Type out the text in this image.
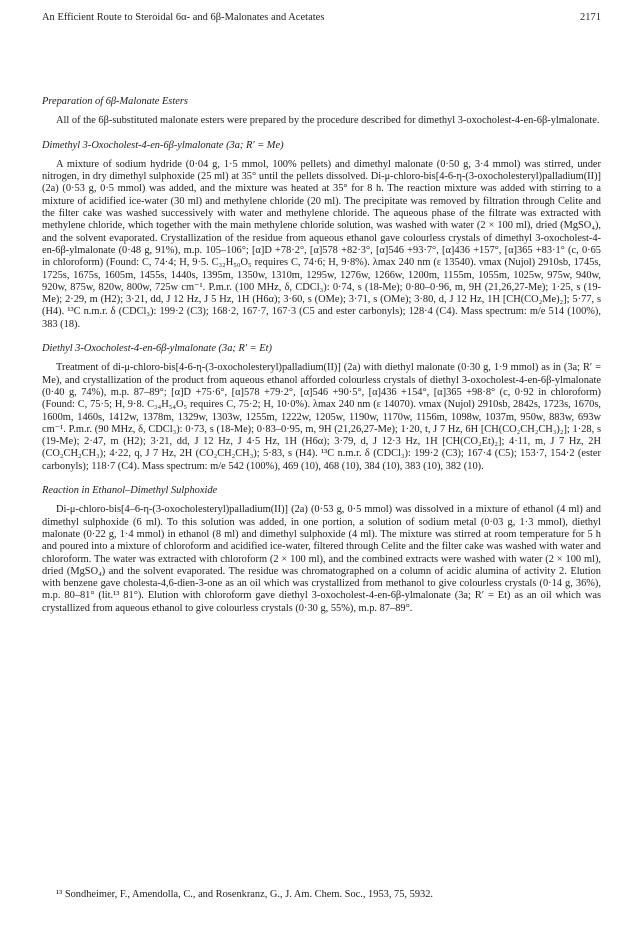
An Efficient Route to Steroidal 6α- and 6β-Malonates and Acetates	2171
Preparation of 6β-Malonate Esters

All of the 6β-substituted malonate esters were prepared by the procedure described for dimethyl 3-oxocholest-4-en-6β-ylmalonate.

Dimethyl 3-Oxocholest-4-en-6β-ylmalonate (3a; R′ = Me)

A mixture of sodium hydride (0·04 g, 1·5 mmol, 100% pellets) and dimethyl malonate (0·50 g, 3·4 mmol) was stirred, under nitrogen, in dry dimethyl sulphoxide (25 ml) at 35° until the pellets dissolved. Di-μ-chloro-bis[4-6-η-(3-oxocholesteryl)palladium(II)] (2a) (0·53 g, 0·5 mmol) was added, and the mixture was heated at 35° for 8 h. The reaction mixture was added with stirring to a mixture of acidified ice-water (30 ml) and methylene chloride (20 ml). The precipitate was removed by filtration through Celite and the filter cake was washed successively with water and methylene chloride. The aqueous phase of the filtrate was extracted with methylene chloride, which together with the main methylene chloride solution, was washed with water (2 × 100 ml), dried (MgSO₄), and the solvent evaporated. Crystallization of the residue from aqueous ethanol gave colourless crystals of dimethyl 3-oxocholest-4-en-6β-ylmalonate (0·48 g, 91%), m.p. 105–106°; [α]D +78·2°, [α]578 +82·3°, [α]546 +93·7°, [α]436 +157°, [α]365 +83·1° (c, 0·65 in chloroform) (Found: C, 74·4; H, 9·5. C₃₂H₅₀O₅ requires C, 74·6; H, 9·8%). λmax 240 nm (ε 13540). νmax (Nujol) 2910sb, 1745s, 1725s, 1675s, 1605m, 1455s, 1440s, 1395m, 1350w, 1310m, 1295w, 1276w, 1266w, 1200m, 1155m, 1055m, 1025w, 975w, 940w, 920w, 875w, 820w, 800w, 725w cm⁻¹. P.m.r. (100 MHz, δ, CDCl₃): 0·74, s (18-Me); 0·80–0·96, m, 9H (21,26,27-Me); 1·25, s (19-Me); 2·29, m (H2); 3·21, dd, J 12 Hz, J 5 Hz, 1H (H6α); 3·60, s (OMe); 3·71, s (OMe); 3·80, d, J 12 Hz, 1H [CH(CO₂Me)₂]; 5·77, s (H4). ¹³C n.m.r. δ (CDCl₃): 199·2 (C3); 168·2, 167·7, 167·3 (C5 and ester carbonyls); 128·4 (C4). Mass spectrum: m/e 514 (100%), 383 (18).

Diethyl 3-Oxocholest-4-en-6β-ylmalonate (3a; R′ = Et)

Treatment of di-μ-chloro-bis[4-6-η-(3-oxocholesteryl)palladium(II)] (2a) with diethyl malonate (0·30 g, 1·9 mmol) as in (3a; R′ = Me), and crystallization of the product from aqueous ethanol afforded colourless crystals of diethyl 3-oxocholest-4-en-6β-ylmalonate (0·40 g, 74%), m.p. 87–89°; [α]D +75·6°, [α]578 +79·2°, [α]546 +90·5°, [α]436 +154°, [α]365 +98·8° (c, 0·92 in chloroform) (Found: C, 75·5; H, 9·8. C₃₄H₅₄O₅ requires C, 75·2; H, 10·0%). λmax 240 nm (ε 14070). νmax (Nujol) 2910sb, 2842s, 1723s, 1670s, 1600m, 1460s, 1412w, 1378m, 1329w, 1303w, 1255m, 1222w, 1205w, 1190w, 1170w, 1156m, 1098w, 1037m, 950w, 883w, 693w cm⁻¹. P.m.r. (90 MHz, δ, CDCl₃): 0·73, s (18-Me); 0·83–0·95, m, 9H (21,26,27-Me); 1·20, t, J 7 Hz, 6H [CH(CO₂CH₂CH₃)₂]; 1·28, s (19-Me); 2·47, m (H2); 3·21, dd, J 12 Hz, J 4·5 Hz, 1H (H6α); 3·79, d, J 12·3 Hz, 1H [CH(CO₂Et)₂]; 4·11, m, J 7 Hz, 2H (CO₂CH₂CH₃); 4·22, q, J 7 Hz, 2H (CO₂CH₂CH₃); 5·83, s (H4). ¹³C n.m.r. δ (CDCl₃): 199·2 (C3); 167·4 (C5); 153·7, 154·2 (ester carbonyls); 118·7 (C4). Mass spectrum: m/e 542 (100%), 469 (10), 468 (10), 384 (10), 383 (10), 382 (10).

Reaction in Ethanol–Dimethyl Sulphoxide

Di-μ-chloro-bis[4–6-η-(3-oxocholesteryl)palladium(II)] (2a) (0·53 g, 0·5 mmol) was dissolved in a mixture of ethanol (4 ml) and dimethyl sulphoxide (6 ml). To this solution was added, in one portion, a solution of sodium metal (0·03 g, 1·3 mmol), diethyl malonate (0·22 g, 1·4 mmol) in ethanol (8 ml) and dimethyl sulphoxide (4 ml). The mixture was stirred at room temperature for 5 h and poured into a mixture of chloroform and acidified ice-water, filtered through Celite and the filter cake was washed with water and chloroform. The water was extracted with chloroform (2 × 100 ml), and the combined extracts were washed with water (2 × 100 ml), dried (MgSO₄) and the solvent evaporated. The residue was chromatographed on a column of acidic alumina of activity 2. Elution with benzene gave cholesta-4,6-dien-3-one as an oil which was crystallized from methanol to give colourless crystals (0·14 g, 36%), m.p. 80–81° (lit.¹³ 81°). Elution with chloroform gave diethyl 3-oxocholest-4-en-6β-ylmalonate (3a; R′ = Et) as an oil which was crystallized from aqueous ethanol to give colourless crystals (0·30 g, 55%), m.p. 87–89°.

¹³ Sondheimer, F., Amendolla, C., and Rosenkranz, G., J. Am. Chem. Soc., 1953, 75, 5932.
